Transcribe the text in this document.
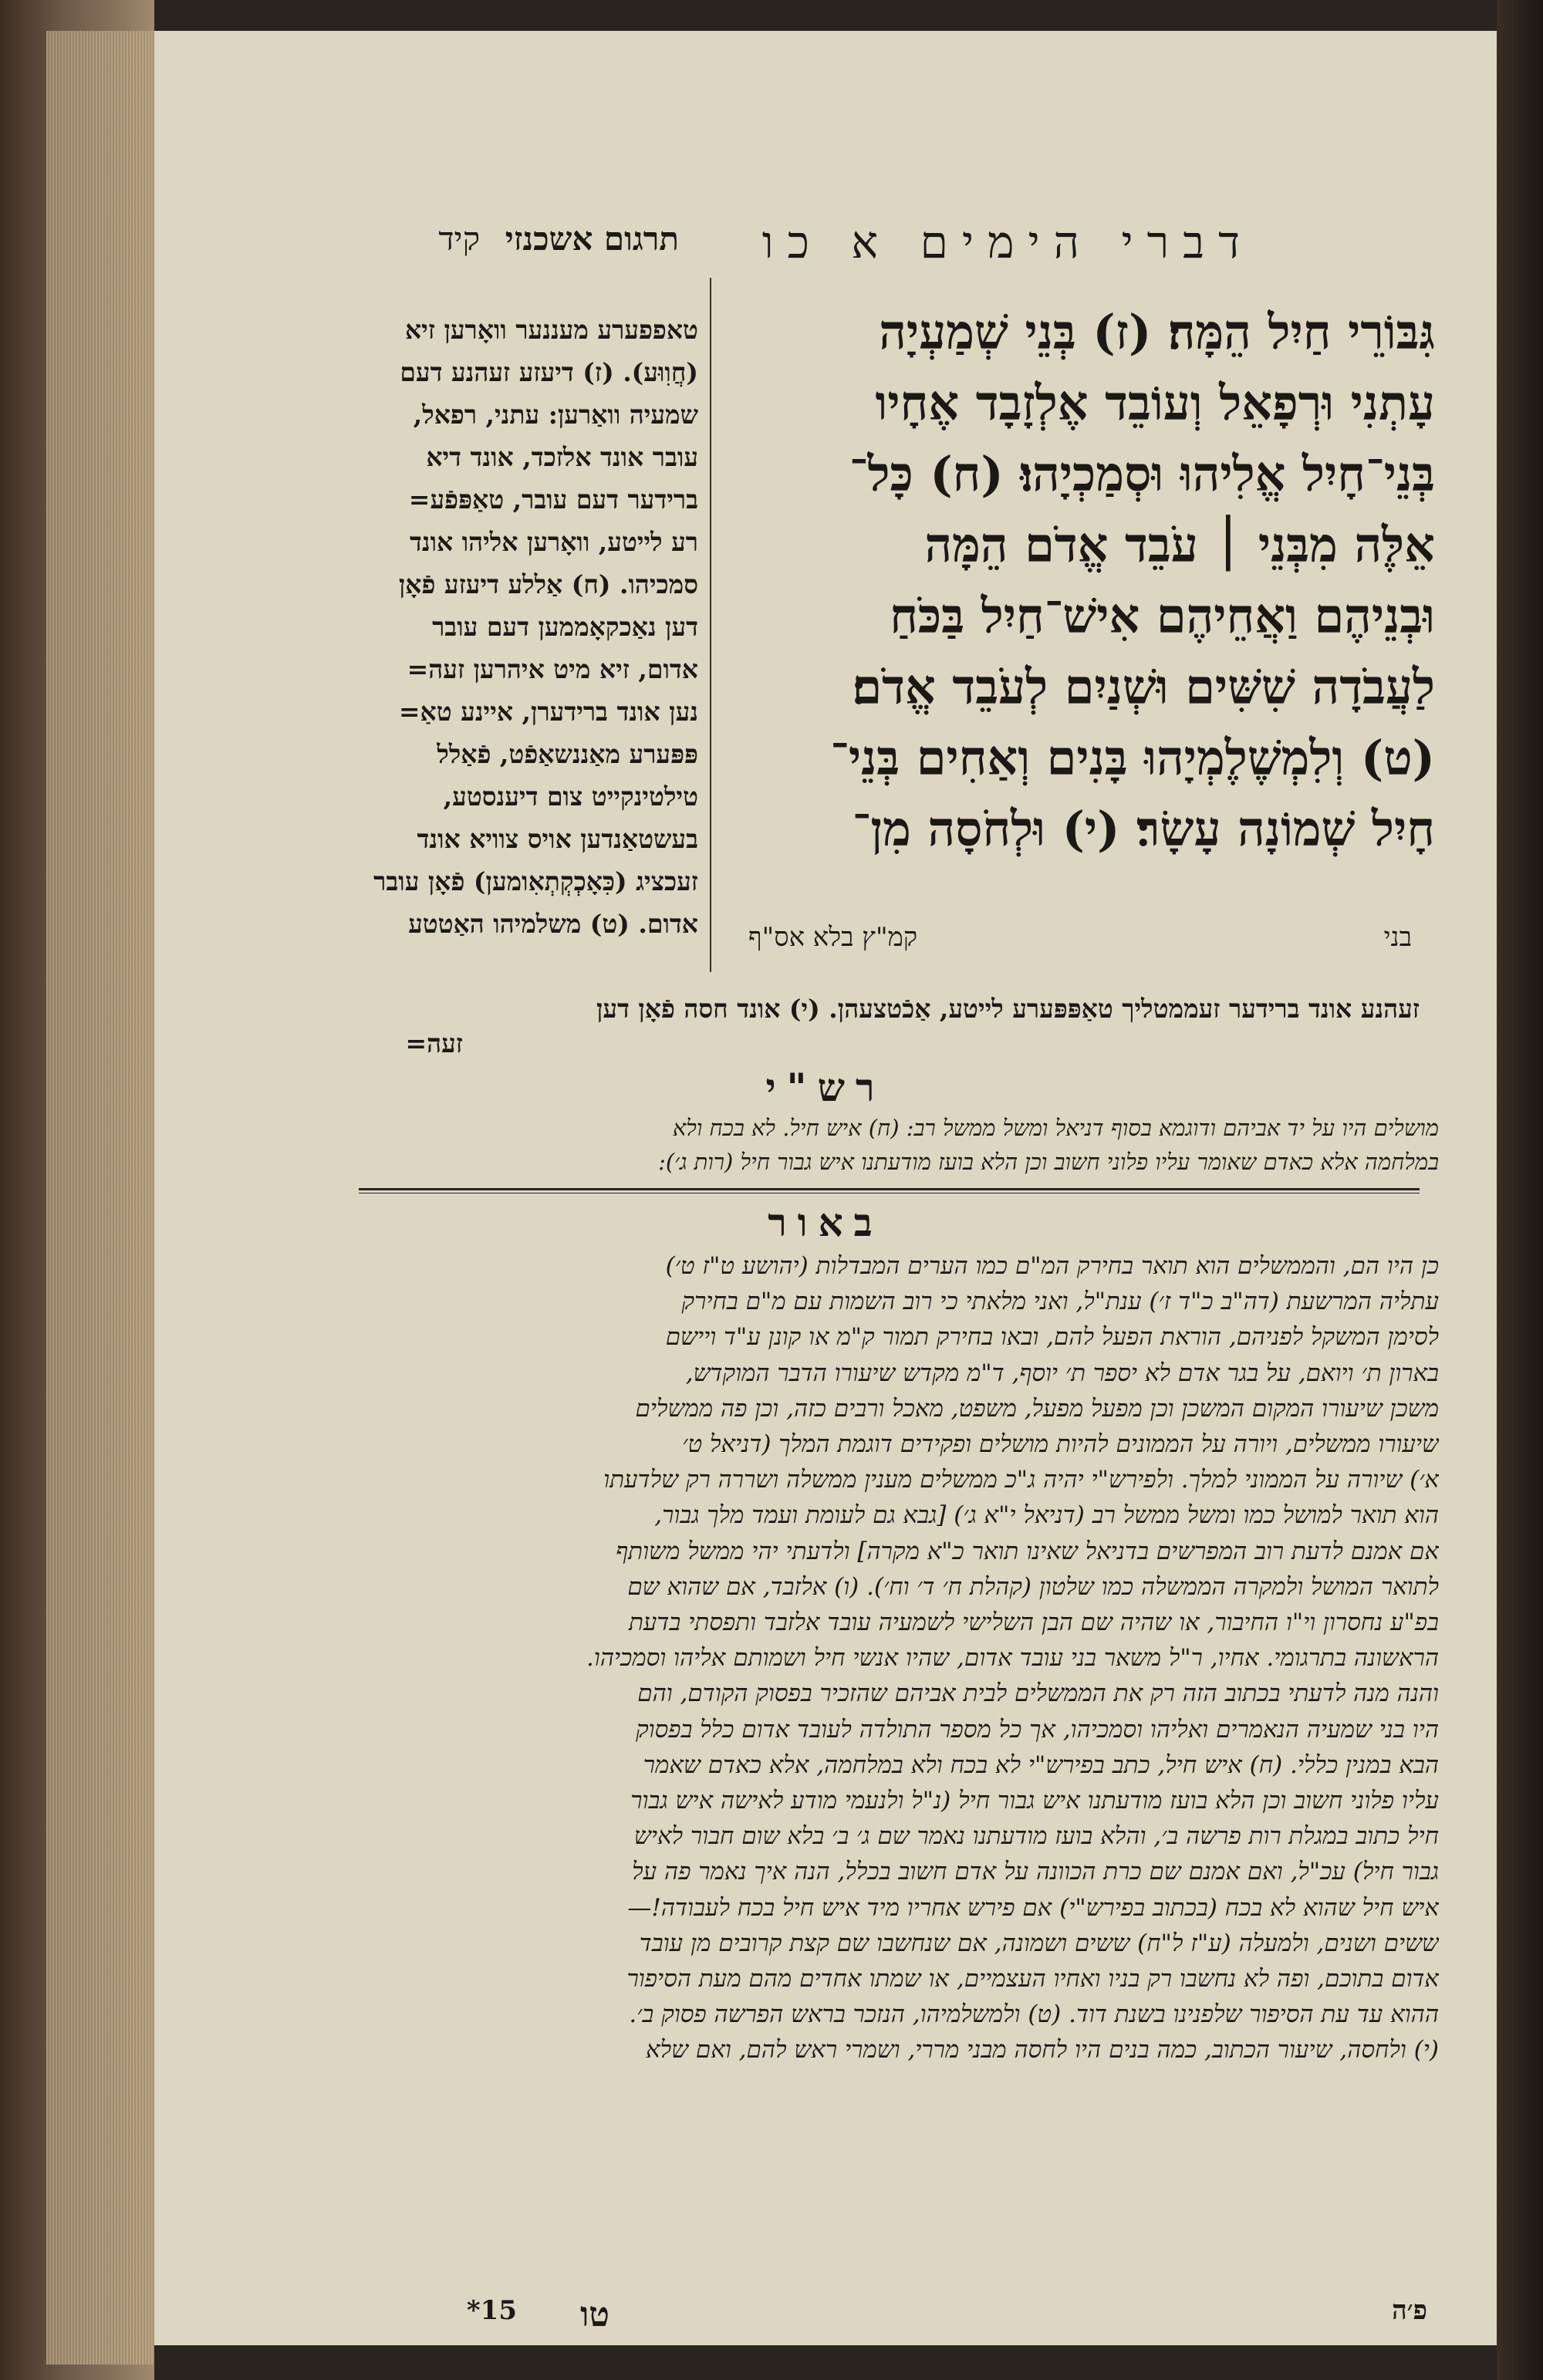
דברי הימים א כו
תרגום אשכנזי קיד
גִּבּוֹרֵי חַיִל הֵמָּה׃ (ז) בְּנֵי שְׁמַעְיָה
עָתְנִי וּרְפָאֵל וְעוֹבֵד אֶלְזָבָד אֶחָיו
בְּנֵי־חָיִל אֱלִיהוּ וּסְמַכְיָהוּ׃ (ח) כָּל־
אֵלֶּה מִבְּנֵי ׀ עֹבֵד אֱדֹם הֵמָּה
וּבְנֵיהֶם וַאֲחֵיהֶם אִישׁ־חַיִל בַּכֹּחַ
לַעֲבֹדָה שִׁשִּׁים וּשְׁנַיִם לְעֹבֵד אֱדֹם׃
(ט) וְלִמְשֶׁלֶמְיָהוּ בָּנִים וְאַחִים בְּנֵי־
חָיִל שְׁמוֹנָה עָשָׂר׃ (י) וּלְחֹסָה מִן־
בני
קמ"ץ בלא אס"ף
טאפפערע מעננער וואָרען זיא
(חֲוִוּע). (ז) דיעזע זעהנע דעם
שמעיה וואַרען: עתני, רפאל,
עובר אונד אלזכד, אונד דיא
ברידער דעם עובר, טאַפּפֿע=
רע לייטע, וואָרען אליהו אונד
סמכיהו. (ח) אַללע דיעזע פֿאָן
דען נאַכקאָממען דעם עובר
אדום, זיא מיט איהרען זעה=
נען אונד ברידערן, איינע טאַ=
פּפּערע מאַננשאַפֿט, פֿאַלל
טילטינקייט צום דיענסטע,
בעשטאַנדען אויס צוויא אונד
זעכציג (כִּאָכְקְתְאִומען) פֿאָן עובר
אדום. (ט) משלמיהו האַטטע
זעהנע אונד ברידער זעממטליך טאַפּפּערע לייטע, אַכֿטצעהן. (י) אונד חסה פֿאָן דען
זעה=
רש"י
מושלים היו על יד אביהם ודוגמא בסוף דניאל ומשל ממשל רב: (ח) איש חיל. לא בכח ולא
במלחמה אלא כאדם שאומר עליו פלוני חשוב וכן הלא בועז מודעתנו איש גבור חיל (רות ג׳):
באור
כן היו הם, והממשלים הוא תואר בחירק המ"ם כמו הערים המבדלות (יהושע ט"ז ט׳)
עתליה המרשעת (דה"ב כ"ד ז׳) ענת"ל, ואני מלאתי כי רוב השמות עם מ"ם בחירק
לסימן המשקל לפניהם, הוראת הפעל להם, ובאו בחירק תמור ק"מ או קונן ע"ד ויישם
בארון ת׳ ויואם, על בגר אדם לא יספר ת׳ יוסף, ד"מ מקדש שיעורו הדבר המוקדש,
משכן שיעורו המקום המשכן וכן מפעל מפעל, משפט, מאכל ורבים כזה, וכן פה ממשלים
שיעורו ממשלים, ויורה על הממונים להיות מושלים ופקידים דוגמת המלך (דניאל ט׳
א׳) שיורה על הממוני למלך. ולפירש"י יהיה ג"כ ממשלים מענין ממשלה ושררה רק שלדעתו
הוא תואר למושל כמו ומשל ממשל רב (דניאל י"א ג׳) [גבא גם לעומת ועמד מלך גבור,
אם אמנם לדעת רוב המפרשים בדניאל שאינו תואר כ"א מקרה] ולדעתי יהי ממשל משותף
לתואר המושל ולמקרה הממשלה כמו שלטון (קהלת ח׳ ד׳ וח׳). (ו) אלזבד, אם שהוא שם
בפ"ע נחסרון וי"ו החיבור, או שהיה שם הבן השלישי לשמעיה עובד אלזבד ותפסתי בדעת
הראשונה בתרגומי. אחיו, ר"ל משאר בני עובד אדום, שהיו אנשי חיל ושמותם אליהו וסמכיהו.
והנה מנה לדעתי בכתוב הזה רק את הממשלים לבית אביהם שהזכיר בפסוק הקודם, והם
היו בני שמעיה הנאמרים ואליהו וסמכיהו, אך כל מספר התולדה לעובד אדום כלל בפסוק
הבא במנין כללי. (ח) איש חיל, כתב בפירש"י לא בכח ולא במלחמה, אלא כאדם שאמר
עליו פלוני חשוב וכן הלא בועז מודעתנו איש גבור חיל (נ"ל ולנעמי מודע לאישה איש גבור
חיל כתוב במגלת רות פרשה ב׳, והלא בועז מודעתנו נאמר שם ג׳ ב׳ בלא שום חבור לאיש
גבור חיל) עכ"ל, ואם אמנם שם כרת הכוונה על אדם חשוב בכלל, הנה איך נאמר פה על
איש חיל שהוא לא בכח (בכתוב בפירש"י) אם פירש אחריו מיד איש חיל בכח לעבודה!—
ששים ושנים, ולמעלה (ע"ז ל"ח) ששים ושמונה, אם שנחשבו שם קצת קרובים מן עובד
אדום בתוכם, ופה לא נחשבו רק בניו ואחיו העצמיים, או שמתו אחדים מהם מעת הסיפור
ההוא עד עת הסיפור שלפנינו בשנת דוד. (ט) ולמשלמיהו, הנזכר בראש הפרשה פסוק ב׳.
(י) ולחסה, שיעור הכתוב, כמה בנים היו לחסה מבני מררי, ושמרי ראש להם, ואם שלא
פ׳ה
טו
15*
